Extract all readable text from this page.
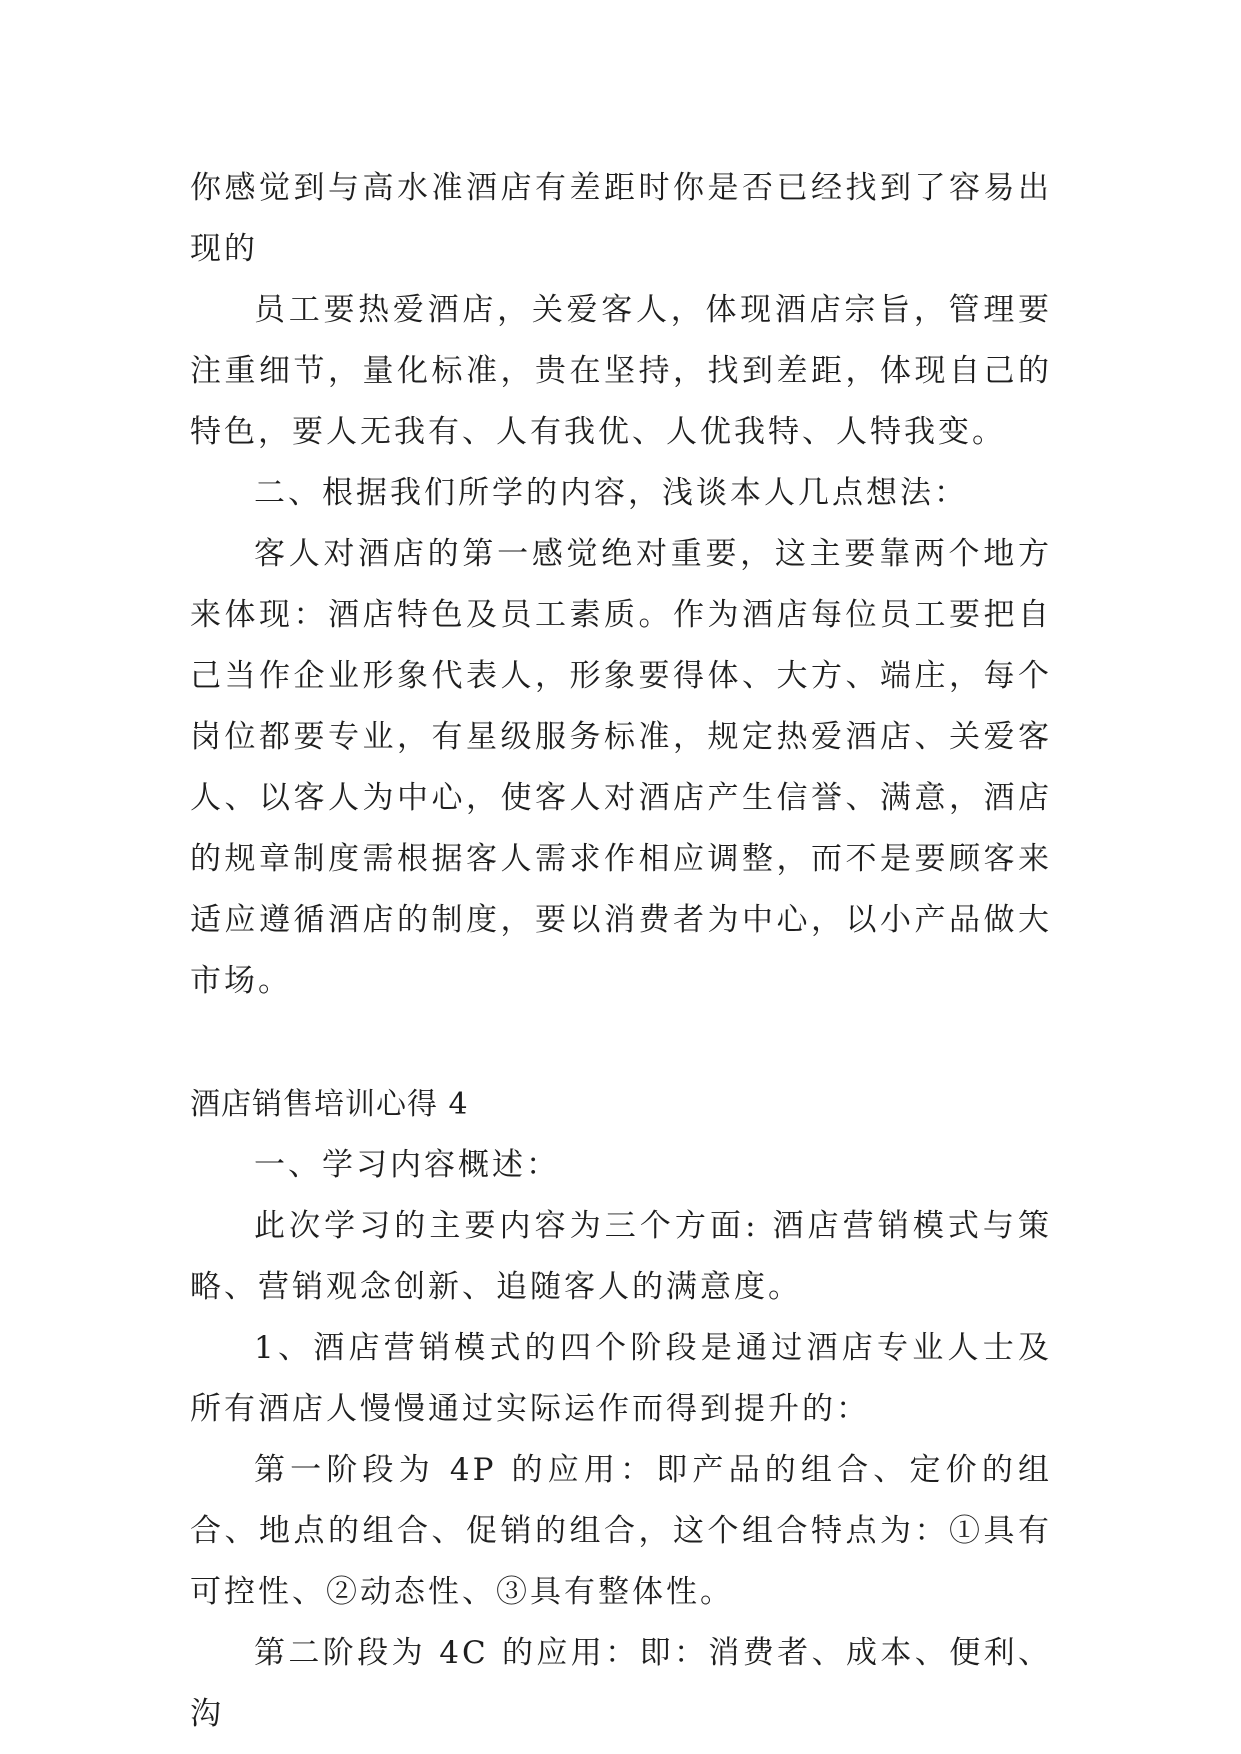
你感觉到与高水准酒店有差距时你是否已经找到了容易出现的

员工要热爱酒店，关爱客人，体现酒店宗旨，管理要注重细节，量化标准，贵在坚持，找到差距，体现自己的特色，要人无我有、人有我优、人优我特、人特我变。

二、根据我们所学的内容，浅谈本人几点想法：

客人对酒店的第一感觉绝对重要，这主要靠两个地方来体现：酒店特色及员工素质。作为酒店每位员工要把自己当作企业形象代表人，形象要得体、大方、端庄，每个岗位都要专业，有星级服务标准，规定热爱酒店、关爱客人、以客人为中心，使客人对酒店产生信誉、满意，酒店的规章制度需根据客人需求作相应调整，而不是要顾客来适应遵循酒店的制度，要以消费者为中心，以小产品做大市场。

酒店销售培训心得 4

一、学习内容概述：

此次学习的主要内容为三个方面: 酒店营销模式与策略、营销观念创新、追随客人的满意度。

1、酒店营销模式的四个阶段是通过酒店专业人士及所有酒店人慢慢通过实际运作而得到提升的：

第一阶段为 4P 的应用：即产品的组合、定价的组合、地点的组合、促销的组合，这个组合特点为：①具有可控性、②动态性、③具有整体性。

第二阶段为 4C 的应用：即：消费者、成本、便利、沟
